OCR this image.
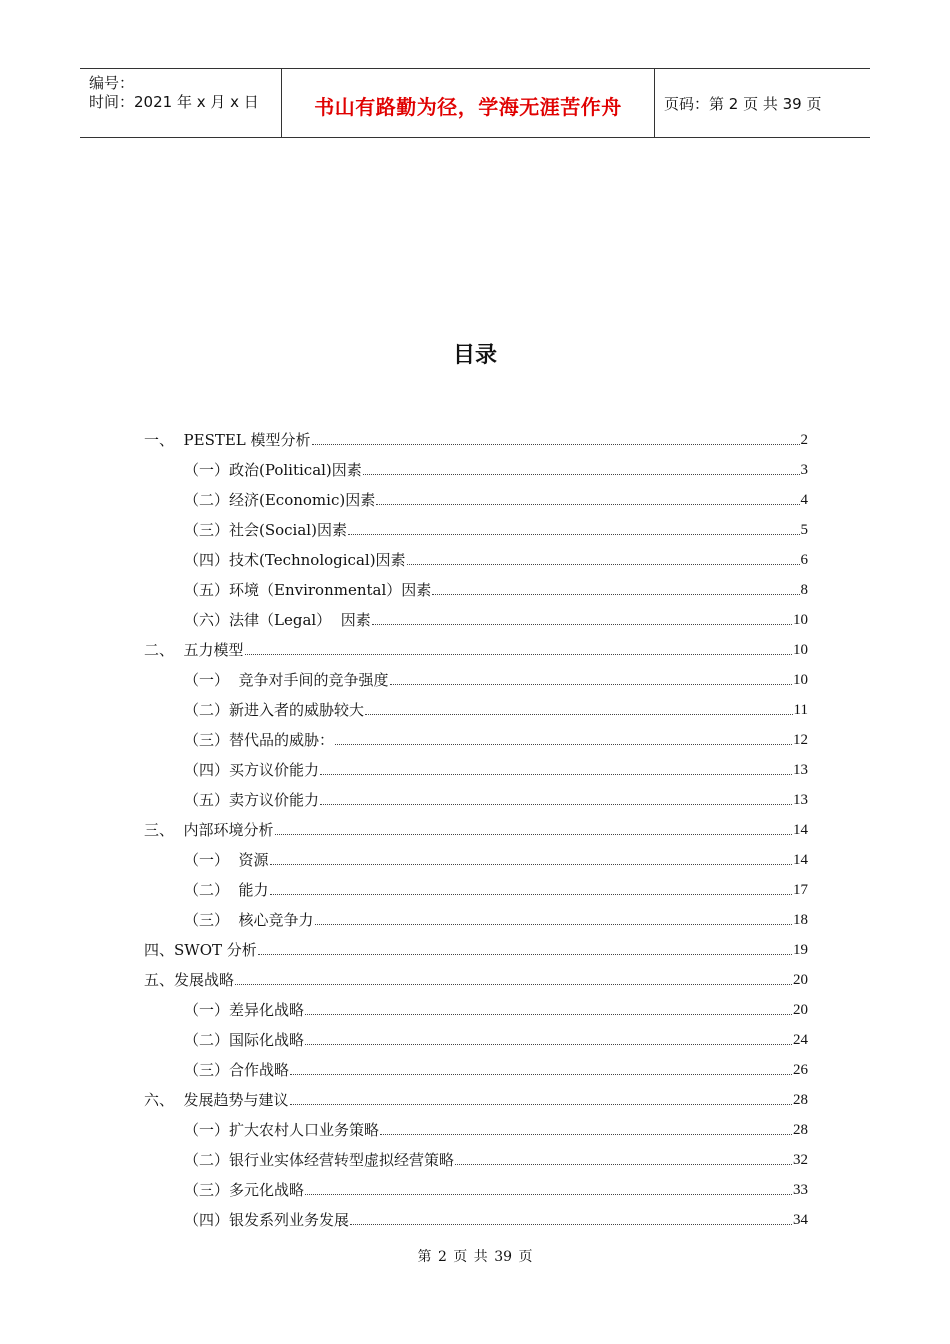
编号：
时间：2021 年 x 月 x 日	书山有路勤为径，学海无涯苦作舟	页码：第 2 页 共 39 页
目录
一、  PESTEL 模型分析	2
（一）政治(Political)因素	3
（二）经济(Economic)因素	4
（三）社会(Social)因素	5
（四）技术(Technological)因素	6
（五）环境（Environmental）因素	8
（六）法律（Legal）  因素	10
二、  五力模型	10
（一）  竞争对手间的竞争强度	10
（二）新进入者的威胁较大	11
（三）替代品的威胁：	12
（四）买方议价能力	13
（五）卖方议价能力	13
三、  内部环境分析	14
（一）  资源	14
（二）  能力	17
（三）  核心竞争力	18
四、SWOT 分析	19
五、发展战略	20
（一）差异化战略	20
（二）国际化战略	24
（三）合作战略	26
六、  发展趋势与建议	28
（一）扩大农村人口业务策略	28
（二）银行业实体经营转型虚拟经营策略	32
（三）多元化战略	33
（四）银发系列业务发展	34
第 2 页 共 39 页
